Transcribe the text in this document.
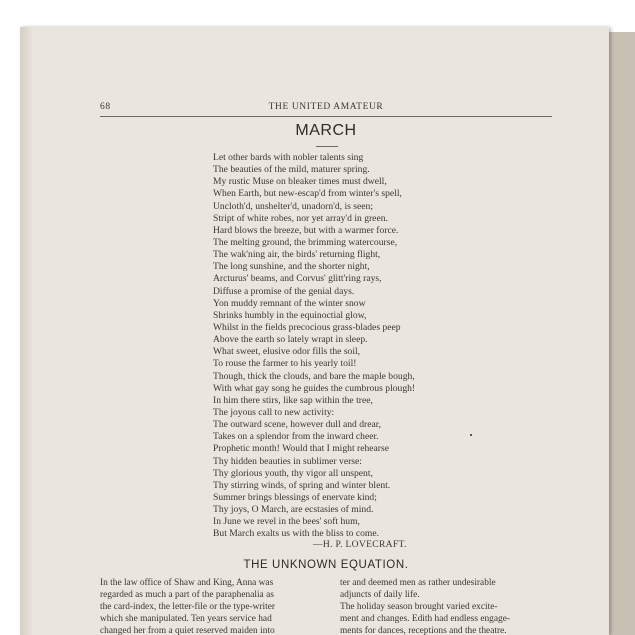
68	THE UNITED AMATEUR
MARCH
Let other bards with nobler talents sing
The beauties of the mild, maturer spring.
My rustic Muse on bleaker times must dwell,
When Earth, but new-escap'd from winter's spell,
Uncloth'd, unshelter'd, unadorn'd, is seen;
Stript of white robes, nor yet array'd in green.
Hard blows the breeze, but with a warmer force.
The melting ground, the brimming watercourse,
The wak'ning air, the birds' returning flight,
The long sunshine, and the shorter night,
Arcturus' beams, and Corvus' glitt'ring rays,
Diffuse a promise of the genial days.
Yon muddy remnant of the winter snow
Shrinks humbly in the equinoctial glow,
Whilst in the fields precocious grass-blades peep
Above the earth so lately wrapt in sleep.
What sweet, elusive odor fills the soil,
To rouse the farmer to his yearly toil!
Though, thick the clouds, and bare the maple bough,
With what gay song he guides the cumbrous plough!
In him there stirs, like sap within the tree,
The joyous call to new activity:
The outward scene, however dull and drear,
Takes on a splendor from the inward cheer.
Prophetic month! Would that I might rehearse
Thy hidden beauties in sublimer verse:
Thy glorious youth, thy vigor all unspent,
Thy stirring winds, of spring and winter blent.
Summer brings blessings of enervate kind;
Thy joys, O March, are ecstasies of mind.
In June we revel in the bees' soft hum,
But March exalts us with the bliss to come.
—H. P. LOVECRAFT.
THE UNKNOWN EQUATION.
In the law office of Shaw and King, Anna was
regarded as much a part of the paraphenalia as
the card-index, the letter-file or the type-writer
which she manipulated. Ten years service had
changed her from a quiet reserved maiden into
ter and deemed men as rather undesirable
adjuncts of daily life.
The holiday season brought varied excite-
ment and changes. Edith had endless engage-
ments for dances, receptions and the theatre.
